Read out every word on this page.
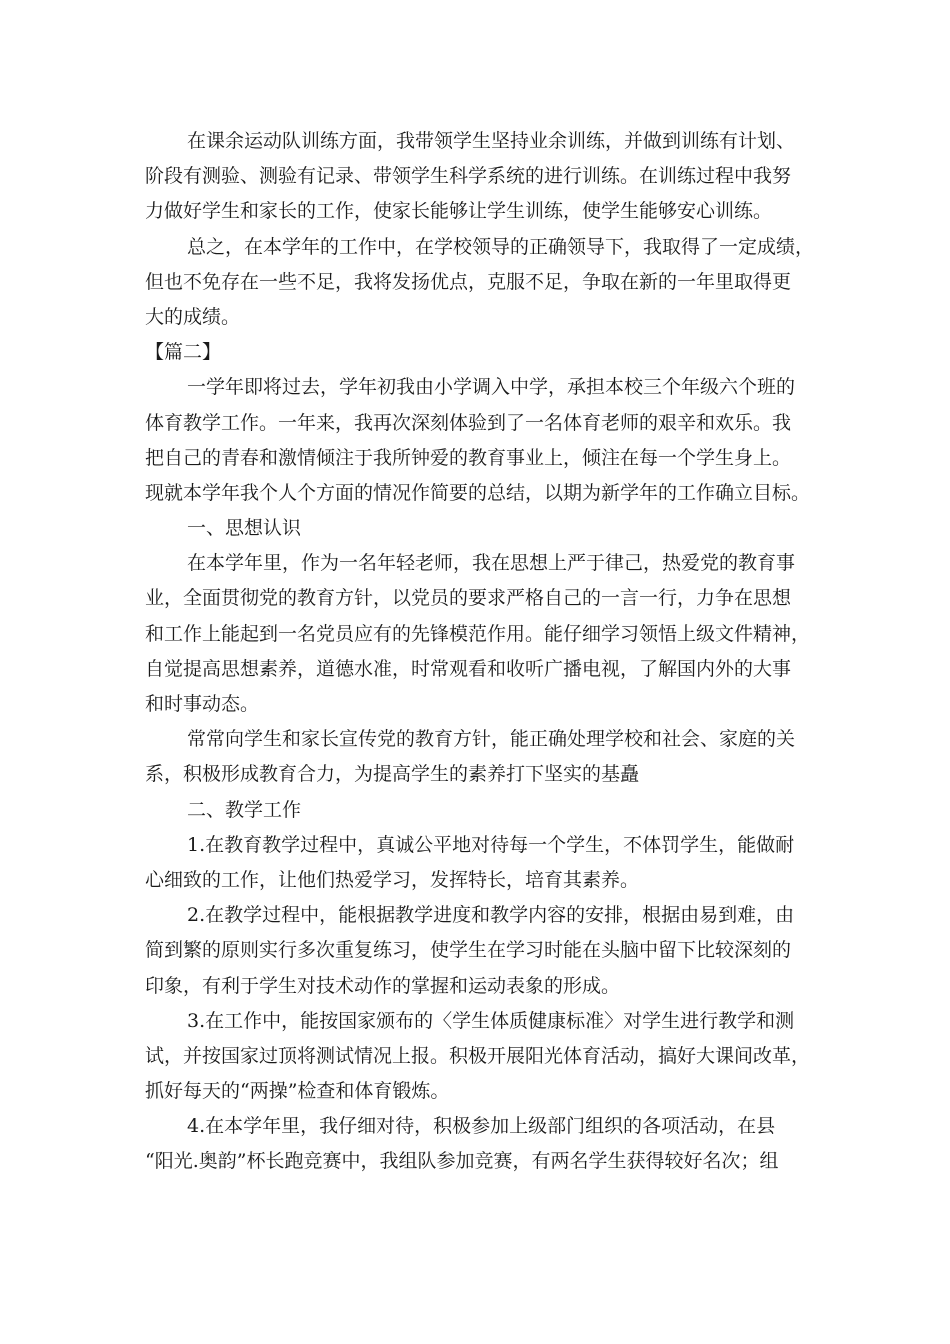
在课余运动队训练方面，我带领学生坚持业余训练，并做到训练有计划、
阶段有测验、测验有记录、带领学生科学系统的进行训练。在训练过程中我努
力做好学生和家长的工作，使家长能够让学生训练，使学生能够安心训练。
总之，在本学年的工作中，在学校领导的正确领导下，我取得了一定成绩，
但也不免存在一些不足，我将发扬优点，克服不足，争取在新的一年里取得更
大的成绩。
【篇二】
一学年即将过去，学年初我由小学调入中学，承担本校三个年级六个班的
体育教学工作。一年来，我再次深刻体验到了一名体育老师的艰辛和欢乐。我
把自己的青春和激情倾注于我所钟爱的教育事业上，倾注在每一个学生身上。
现就本学年我个人个方面的情况作简要的总结，以期为新学年的工作确立目标。
一、思想认识
在本学年里，作为一名年轻老师，我在思想上严于律己，热爱党的教育事
业，全面贯彻党的教育方针，以党员的要求严格自己的一言一行，力争在思想
和工作上能起到一名党员应有的先锋模范作用。能仔细学习领悟上级文件精神，
自觉提高思想素养，道德水准，时常观看和收听广播电视，了解国内外的大事
和时事动态。
常常向学生和家长宣传党的教育方针，能正确处理学校和社会、家庭的关
系，积极形成教育合力，为提高学生的素养打下坚实的基矗
二、教学工作
1.在教育教学过程中，真诚公平地对待每一个学生，不体罚学生，能做耐
心细致的工作，让他们热爱学习，发挥特长，培育其素养。
2.在教学过程中，能根据教学进度和教学内容的安排，根据由易到难，由
简到繁的原则实行多次重复练习，使学生在学习时能在头脑中留下比较深刻的
印象，有利于学生对技术动作的掌握和运动表象的形成。
3.在工作中，能按国家颁布的〈学生体质健康标准〉对学生进行教学和测
试，并按国家过顶将测试情况上报。积极开展阳光体育活动，搞好大课间改革，
抓好每天的“两操”检查和体育锻炼。
4.在本学年里，我仔细对待，积极参加上级部门组织的各项活动，在县
“阳光.奥韵”杯长跑竞赛中，我组队参加竞赛，有两名学生获得较好名次；组
